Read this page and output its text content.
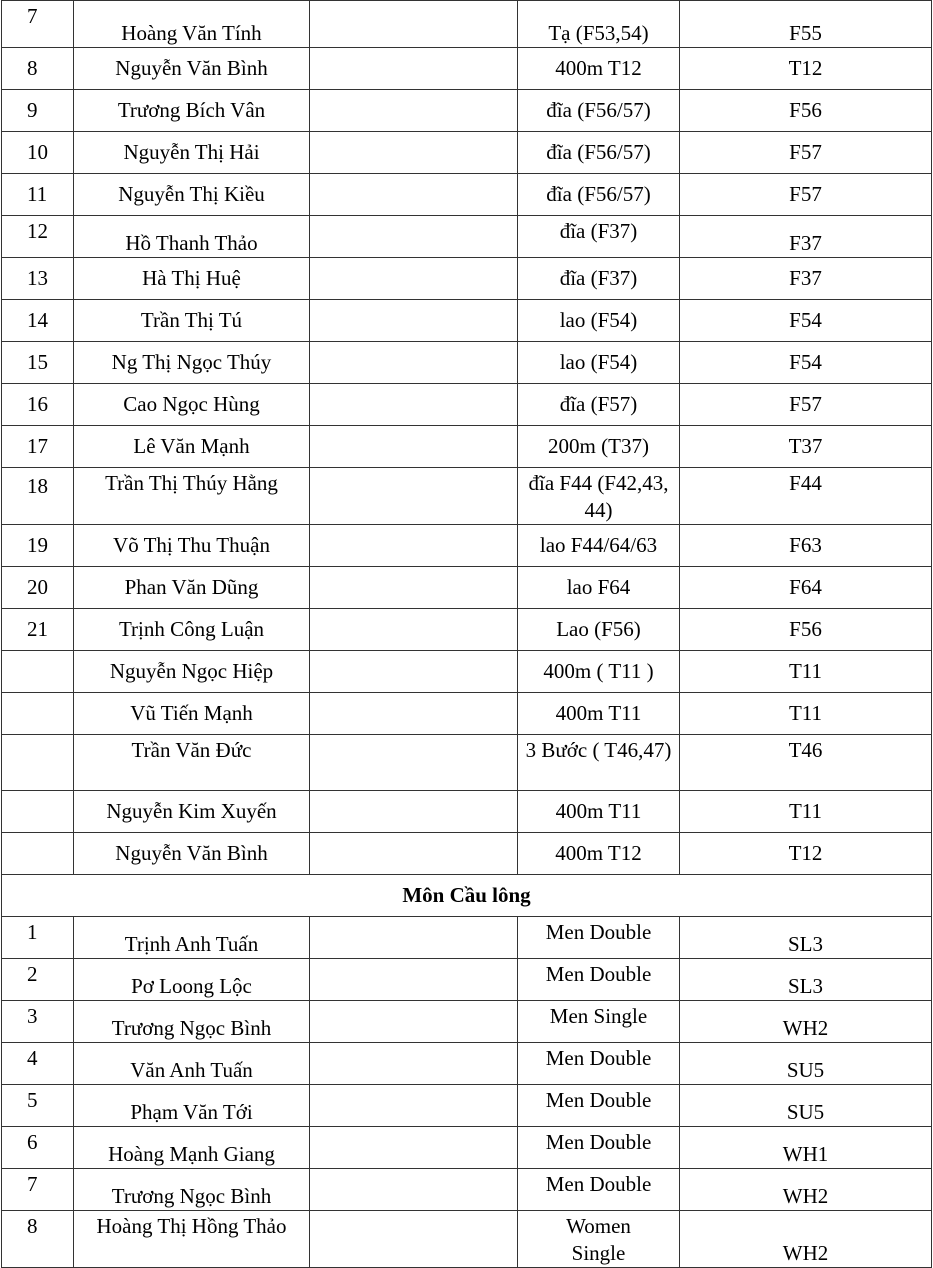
7	Hoàng Văn Tính		Tạ (F53,54)	F55
8	Nguyễn Văn Bình		400m T12	T12
9	Trương Bích Vân		đĩa (F56/57)	F56
10	Nguyễn Thị Hải		đĩa (F56/57)	F57
11	Nguyễn Thị Kiều		đĩa (F56/57)	F57
12	Hồ Thanh Thảo		đĩa (F37)	F37
13	Hà Thị Huệ		đĩa (F37)	F37
14	Trần Thị Tú		lao (F54)	F54
15	Ng Thị Ngọc Thúy		lao (F54)	F54
16	Cao Ngọc Hùng		đĩa (F57)	F57
17	Lê Văn Mạnh		200m (T37)	T37
18	Trần Thị Thúy Hằng		đĩa F44 (F42,43, 44)	F44
19	Võ Thị Thu Thuận		lao F44/64/63	F63
20	Phan Văn Dũng		lao F64	F64
21	Trịnh Công Luận		Lao (F56)	F56
	Nguyễn Ngọc Hiệp		400m ( T11 )	T11
	Vũ Tiến Mạnh		400m T11	T11
	Trần Văn Đức		3 Bước ( T46,47)	T46
	Nguyễn Kim Xuyến		400m T11	T11
	Nguyễn Văn Bình		400m T12	T12
Môn Cầu lông				
1	Trịnh Anh Tuấn		Men Double	SL3
2	Pơ Loong Lộc		Men Double	SL3
3	Trương Ngọc Bình		Men Single	WH2
4	Văn Anh Tuấn		Men Double	SU5
5	Phạm Văn Tới		Men Double	SU5
6	Hoàng Mạnh Giang		Men Double	WH1
7	Trương Ngọc Bình		Men Double	WH2
8	Hoàng Thị Hồng Thảo		Women Single	WH2
